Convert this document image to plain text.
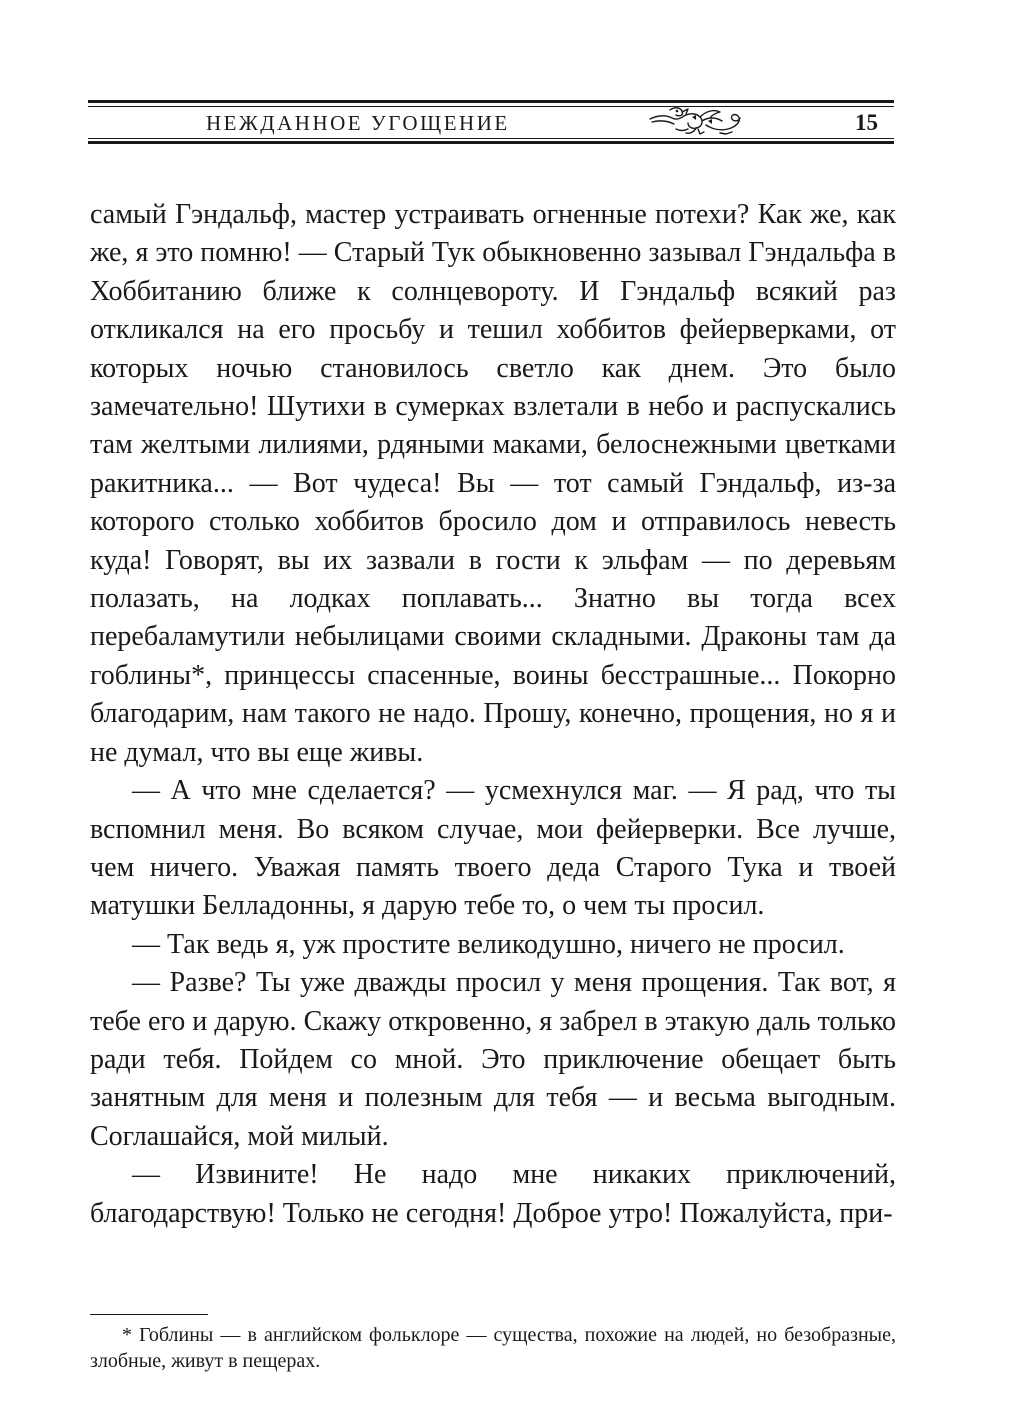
НЕЖДАННОЕ УГОЩЕНИЕ	15

самый Гэндальф, мастер устраивать огненные потехи? Как же, как же, я это помню! — Старый Тук обыкновенно зазывал Гэндальфа в Хоббитанию ближе к солнцевороту. И Гэндальф всякий раз откликался на его просьбу и тешил хоббитов фейерверками, от которых ночью становилось светло как днем. Это было замечательно! Шутихи в сумерках взлетали в небо и распускались там желтыми лилиями, рдяными маками, белоснежными цветками ракитника... — Вот чудеса! Вы — тот самый Гэндальф, из-за которого столько хоббитов бросило дом и отправилось невесть куда! Говорят, вы их зазвали в гости к эльфам — по деревьям полазать, на лодках поплавать... Знатно вы тогда всех перебаламутили небылицами своими складными. Драконы там да гоблины*, принцессы спасенные, воины бесстрашные... Покорно благодарим, нам такого не надо. Прошу, конечно, прощения, но я и не думал, что вы еще живы.

— А что мне сделается? — усмехнулся маг. — Я рад, что ты вспомнил меня. Во всяком случае, мои фейерверки. Все лучше, чем ничего. Уважая память твоего деда Старого Тука и твоей матушки Белладонны, я дарую тебе то, о чем ты просил.

— Так ведь я, уж простите великодушно, ничего не просил.

— Разве? Ты уже дважды просил у меня прощения. Так вот, я тебе его и дарую. Скажу откровенно, я забрел в этакую даль только ради тебя. Пойдем со мной. Это приключение обещает быть занятным для меня и полезным для тебя — и весьма выгодным. Соглашайся, мой милый.

— Извините! Не надо мне никаких приключений, благодарствую! Только не сегодня! Доброе утро! Пожалуйста, при-

* Гоблины — в английском фольклоре — существа, похожие на людей, но безобразные, злобные, живут в пещерах.
